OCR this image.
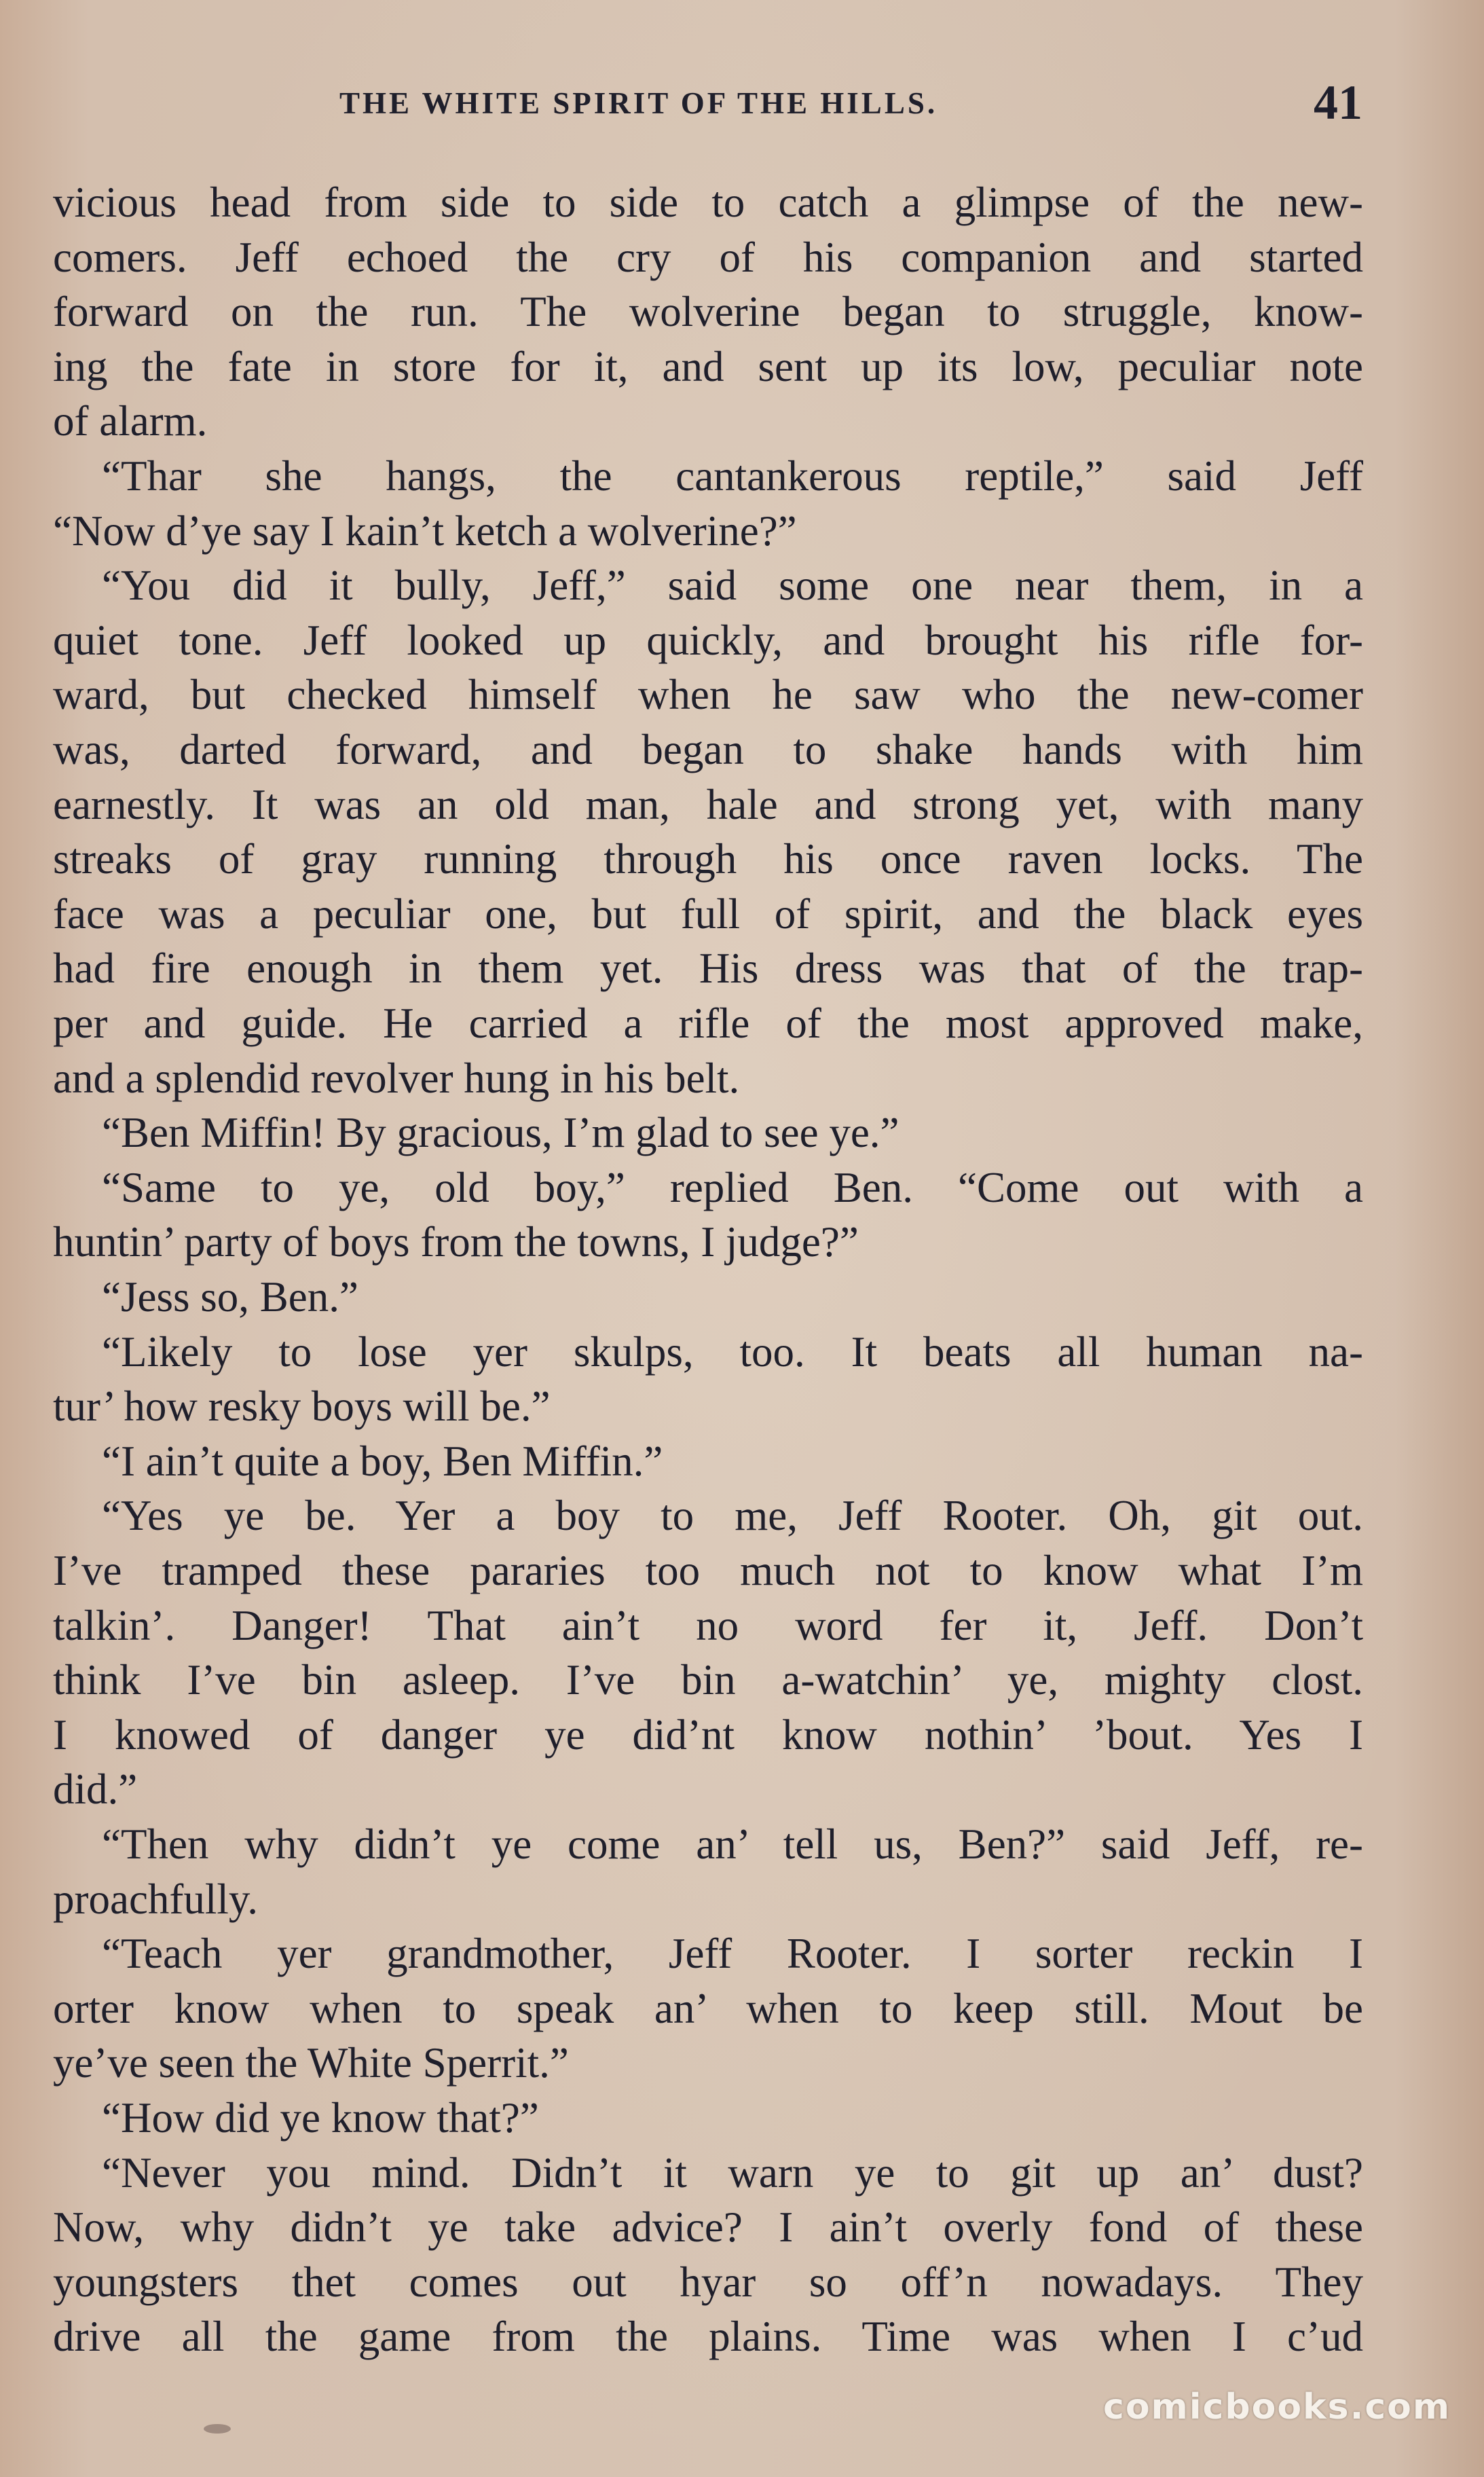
THE WHITE SPIRIT OF THE HILLS.	41
vicious head from side to side to catch a glimpse of the new-
comers. Jeff echoed the cry of his companion and started
forward on the run. The wolverine began to struggle, know-
ing the fate in store for it, and sent up its low, peculiar note
of alarm.
“Thar she hangs, the cantankerous reptile,” said Jeff
“Now d’ye say I kain’t ketch a wolverine?”
“You did it bully, Jeff,” said some one near them, in a
quiet tone. Jeff looked up quickly, and brought his rifle for-
ward, but checked himself when he saw who the new-comer
was, darted forward, and began to shake hands with him
earnestly. It was an old man, hale and strong yet, with many
streaks of gray running through his once raven locks. The
face was a peculiar one, but full of spirit, and the black eyes
had fire enough in them yet. His dress was that of the trap-
per and guide. He carried a rifle of the most approved make,
and a splendid revolver hung in his belt.
“Ben Miffin! By gracious, I’m glad to see ye.”
“Same to ye, old boy,” replied Ben. “Come out with a
huntin’ party of boys from the towns, I judge?”
“Jess so, Ben.”
“Likely to lose yer skulps, too. It beats all human na-
tur’ how resky boys will be.”
“I ain’t quite a boy, Ben Miffin.”
“Yes ye be. Yer a boy to me, Jeff Rooter. Oh, git out.
I’ve tramped these pararies too much not to know what I’m
talkin’. Danger! That ain’t no word fer it, Jeff. Don’t
think I’ve bin asleep. I’ve bin a-watchin’ ye, mighty clost.
I knowed of danger ye did’nt know nothin’ ’bout. Yes I
did.”
“Then why didn’t ye come an’ tell us, Ben?” said Jeff, re-
proachfully.
“Teach yer grandmother, Jeff Rooter. I sorter reckin I
orter know when to speak an’ when to keep still. Mout be
ye’ve seen the White Sperrit.”
“How did ye know that?”
“Never you mind. Didn’t it warn ye to git up an’ dust?
Now, why didn’t ye take advice? I ain’t overly fond of these
youngsters thet comes out hyar so off’n nowadays. They
drive all the game from the plains. Time was when I c’ud
comicbooks.com
